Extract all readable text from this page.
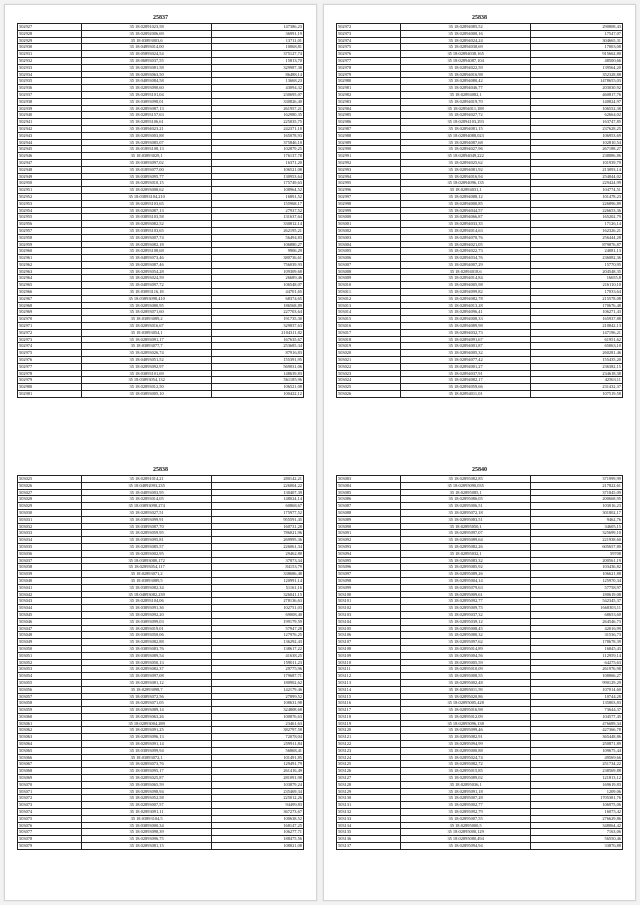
25837
502927	35 18:02891023,58	147386,23
502928	35 18:02892006,69	36991,19
502929	35 18:03893003,6	13711,01
502930	35 18:04893014,00	10068,81
502931	35 18:05893024,54	375127,74
502932	35 18:06893037,55	15813,70
502933	35 18:02893081,58	329987,38
502934	35 18:02893063,50	86488,14
502935	35 18:04893084,58	13668,23
502936	35 18:02893090,60	43094,32
502937	35 18:02893101,04	230695,07
502938	35 18:03893098,01	330826,40
502939	35 18:02893087,13	261957,21
502940	35 18:02893157,63	162980,35
502941	35 18:02893106,61	225035,75
502942	35 18:03894023,21	242371,18
502943	35 18:02893003,88	165078,93
502944	35 18:02893085,07	375846,10
502945	35 18:01893108,13	102879,25
502946	35 18:03893029,1	176137,78
502947	35 18:03893097,02	16371,20
502948	35 18:01893077,00	106521,08
502949	35 18:03893095,77	130953,64
502950	35 18:02893010,15	175749,63
502951	35 18:02893008,62	108964,52
502952	35 18:03893104,210	16891,52
502953	35 18:02893103,65	155968,17
502954	35 18:02893087,13	27937,52
502955	35 18:03893103,58	131637,64
502956	35 18:02893082,52	330812,14
502957	35 18:03893103,65	262195,21
502958	35 18:02893007,74	56494,83
502959	35 18:02893082,18	106880,27
502960	35 18:02893108,68	9906,29
502961	35 18:04893073,46	380736,61
502962	35 18:02893087,46	756039,93
502963	35 18:02893054,28	109309,68
502964	35 18:02893024,59	26689,46
502965	35 18:04893097,72	106548,07
502966	35 18:03893116,18	44701,65
502967	35 18:03893098,410	68374,65
502968	35 18:02893080,95	186568,89
502969	35 18:02893071,60	227703,64
502970	35 18:03893089,2	191735,30
502971	35 18:02893016,67	329837,63
502972	35 18:03893054,1	2104311,82
502973	35 18:02893091,17	167635,67
502974	35 18:03893077,7	253685,34
502975	35 18:02893026,74	87916,83
502976	35 18:04893051,52	155391,95
502977	35 18:02893092,97	569031,06
502978	35 18:03893101,69	148639,83
502979	35 18:03893054,132	561185,96
502980	35 18:02893012,50	106521,08
502981	35 18:03893005,10	100422,12
25838
503025	35 18:02891014,21	280142,21
503026	35 18:04892093,235	226004,22
503027	35 18:04893003,95	130407,39
503028	35 18:02893014,05	148024,14
503029	35 18:03893098,274	60868,67
503030	35 18:02893027,51	175977,52
503031	35 18:03893099,91	955591,45
503032	35 18:03893087,70	160731,28
503033	35 18:02893059,95	786021,96
503034	35 18:03893095,81	269995,36
503035	35 18:02893085,57	226061,34
503036	35 18:02893002,95	29462,80
503037	35 18:03893080,172	37873,34
503038	35 18:02893054,117	84153,79
503039	35 18:02893071,2	338686,48
503040	35 18:03893089,5	120991,14
503041	35 18:03893082,34	51161,16
503042	35 18:04893082,239	326041,15
503043	35 18:02893104,06	278136,63
503044	35 18:03893091,36	102751,03
503045	35 18:02893092,20	69008,40
503046	35 18:03893099,03	199179,59
503047	35 18:02893019,01	57947,28
503048	35 18:03893050,06	127976,25
503049	35 18:02893082,88	136292,43
503050	35 18:03893083,76	138617,22
503051	35 18:03893089,54	41638,25
503052	35 18:02893050,13	159011,23
503053	35 18:02893082,37	29775,96
503054	35 18:03893097,08	179687,71
503055	35 18:02893081,12	180902,62
503056	35 18:02893098,7	142179,46
503057	35 18:03893072,56	27899,52
503058	35 18:02893071,05	108631,98
503059	35 18:02893089,14	324808,68
503060	35 18:02893063,26	100876,63
503061	35 18:02893004,289	23461,63
503062	35 18:02893091,25	382797,58
503063	35 18:02893096,13	72078,04
503064	35 18:02893091,14	259911,84
503065	35 18:03893099,94	56868,41
503066	35 18:03893072,1	101491,85
503067	35 18:02893073,76	129491,79
503068	35 18:03893095,17	261416,49
503069	35 18:02893025,87	281091,98
503070	35 18:03893065,59	103879,24
503071	35 18:02893098,94	235469,34
503072	35 18:02893052,58	225012,26
503073	35 18:02893007,57	94499,83
503074	35 18:02893091,11	367273,67
503075	35 18:03893104,5	100638,52
503076	35 18:03893000,34	168147,25
503077	35 18:02893098,39	106277,71
503078	35 18:02893096,75	188475,56
503079	35 18:02893081,15	108821,08
25838
502972	35 18:02894085,52	290808,43
502973	35 18:02894000,16	17547,07
502974	35 18:02894024,24	304665,31
502975	35 18:02894038,69	17003,08
502976	35 18:02894038,165	915662,80
502977	35 18:02894087,104	48500,66
502978	35 18:02894022,59	139564,20
502979	35 18:02894016,98	352328,88
502980	35 18:02894080,42	1478655,03
502981	35 18:02894046,77	203030,92
502982	35 18:02894082,1	460817,76
502983	35 18:02894019,70	140824,97
502984	35 18:02894011,188	106552,38
502985	35 18:02894027,72	62664,02
502986	35 18:02894103,293	163747,85
502987	35 18:02894081,15	237628,25
502988	35 18:02894088,023	106953,69
502989	35 18:02894087,68	102810,54
502990	35 18:02894027,96	267188,27
502991	35 18:02894049,222	238886,86
502992	35 18:02894025,62	101939,79
502993	35 18:02894081,92	213093,14
502994	35 18:02894016,94	254844,02
502995	35 18:02894096,135	229424,99
502996	35 18:02894031,1	104774,51
502997	35 18:02894088,12	101478,23
502998	35 18:02894000,85	226896,89
502999	35 18:02894044,57	226653,36
503000	35 18:02894066,87	165202,79
503001	35 18:02894033,35	17126,14
503002	35 18:02894014,63	162326,21
503003	35 18:02894070,76	256444,28
503004	35 18:02894021,05	879876,87
503005	35 18:02894022,73	24081,13
503006	35 18:02894034,76	236082,36
503007	35 18:02894007,29	15770,95
503008	35 18:02894018,6	204548,35
503009	35 18:02894014,84	16655,8
503010	35 18:02894005,98	216110,10
503011	35 18:02894099,82	17033,64
503012	35 18:02894082,78	215578,08
503013	35 18:02894013,28	170676,48
503014	35 18:02894096,41	106271,43
503015	35 18:02894008,33	165937,88
503016	35 18:02894089,98	210842,13
503017	35 18:02894032,73	147196,21
503018	35 18:02894091,67	61951,62
503019	35 18:02894001,87	65063,10
503020	35 18:02894005,32	260281,46
503021	35 18:02894077,42	155435,20
503022	35 18:02894001,27	236382,15
503023	35 18:02894037,91	234618,38
503024	35 18:02894082,17	42563,11
503025	35 18:02894059,66	231432,37
503026	35 18:02894011,01	107519,58
25840
503083	35 18:02895082,85	371999,99
503084	35 18:02895090,035	217822,61
503085	35 18:02895085,1	371845,09
503086	35 18:02895086,05	200668,95
503087	35 18:02895006,51	103016,23
503088	35 18:02895072,18	301802,17
503089	35 18:02895083,51	9462,76
503090	35 18:02895050,1	34605,15
503091	35 18:02895097,07	325699,10
503092	35 18:02895089,64	221938,60
503093	35 18:02895082,26	605657,80
503094	35 18:02895032,1	59708
503095	35 18:02895083,32	200561,19
503096	35 18:02895085,92	103436,82
503097	35 18:02895089,26	106621,88
503098	35 18:02895004,14	125970,34
503099	35 18:02895079,63	57758,97
503100	35 18:02895009,61	180619,08
503101	35 18:02895092,77	542345,37
503102	35 18:02895009,75	1668303,11
503103	35 18:02895037,32	68653,60
503104	35 18:02895039,12	264546,73
503105	35 18:02895008,45	42016,99
503106	35 18:02895080,32	31536,73
503107	35 18:02895097,62	178678,39
503108	35 18:02895014,89	16845,43
503109	35 18:02895004,56	112959,14
503110	35 18:02895005,59	64275,63
503111	35 18:02895010,09	261976,98
503112	35 18:02895008,55	108066,27
503113	35 18:02895002,48	990129,29
503114	35 18:02895011,59	107014,60
503115	35 18:02895020,86	10744,28
503116	35 18:02895005,428	135803,83
503117	35 18:02895016,98	73644,37
503118	35 18:02895012,09	104577,45
503119	35 18:02895096,138	476689,34
503120	35 18:02895099,46	427366,78
503121	35 18:02895082,91	365448,86
503122	35 18:02895094,99	250871,89
503123	35 18:02895000,88	109675,44
503124	35 18:02895024,74	49569,66
503125	35 18:02895082,72	251734,22
503126	35 18:02895015,85	238569,88
503127	35 18:02895089,02	121813,12
503128	35 18:02895036,1	169619,83
503129	35 18:02895091,18	1209,06
503130	35 18:02895007,28	1705381,76
503131	35 18:02895002,77	106975,06
503132	35 18:02895092,79	16075,42
503133	35 18:02895007,55	276629,86
503134	35 18:02895000,5	348064,42
503135	35 18:02895000,129	7163,06
503136	35 18:02895080,494	56550,46
503137	35 18:02895094,94	33876,88
